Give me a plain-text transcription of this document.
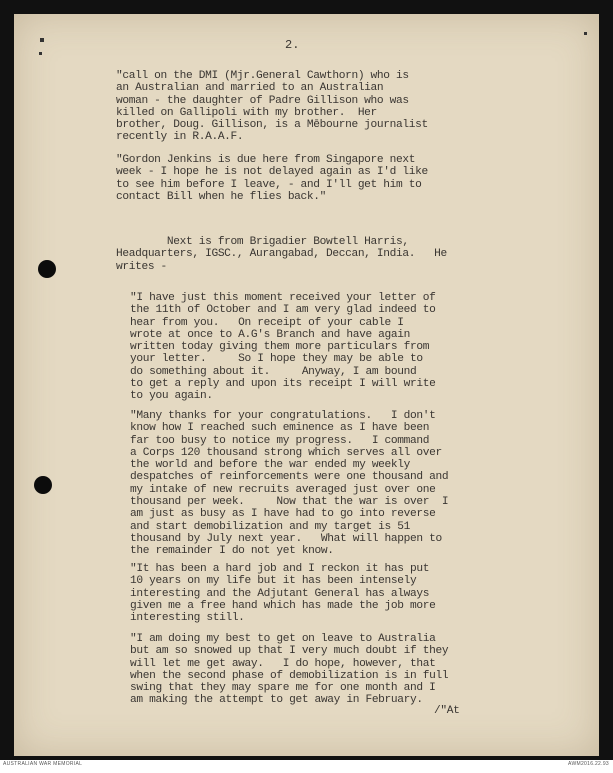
2.

"call on the DMI (Mjr.General Cawthorn) who is
an Australian and married to an Australian
woman - the daughter of Padre Gillison who was
killed on Gallipoli with my brother.  Her
brother, Doug. Gillison, is a Mēbourne journalist
recently in R.A.A.F.

"Gordon Jenkins is due here from Singapore next
week - I hope he is not delayed again as I'd like
to see him before I leave, - and I'll get him to
contact Bill when he flies back."

Next is from Brigadier Bowtell Harris,
Headquarters, IGSC., Aurangabad, Deccan, India.   He
writes -

"I have just this moment received your letter of
the 11th of October and I am very glad indeed to
hear from you.   On receipt of your cable I
wrote at once to A.G's Branch and have again
written today giving them more particulars from
your letter.     So I hope they may be able to
do something about it.     Anyway, I am bound
to get a reply and upon its receipt I will write
to you again.

"Many thanks for your congratulations.   I don't
know how I reached such eminence as I have been
far too busy to notice my progress.   I command
a Corps 120 thousand strong which serves all over
the world and before the war ended my weekly
despatches of reinforcements were one thousand and
my intake of new recruits averaged just over one
thousand per week.     Now that the war is over  I
am just as busy as I have had to go into reverse
and start demobilization and my target is 51
thousand by July next year.   What will happen to
the remainder I do not yet know.

"It has been a hard job and I reckon it has put
10 years on my life but it has been intensely
interesting and the Adjutant General has always
given me a free hand which has made the job more
interesting still.

"I am doing my best to get on leave to Australia
but am so snowed up that I very much doubt if they
will let me get away.   I do hope, however, that
when the second phase of demobilization is in full
swing that they may spare me for one month and I
am making the attempt to get away in February.

/"At

AUSTRALIAN WAR MEMORIAL	AWM2016.22.93
